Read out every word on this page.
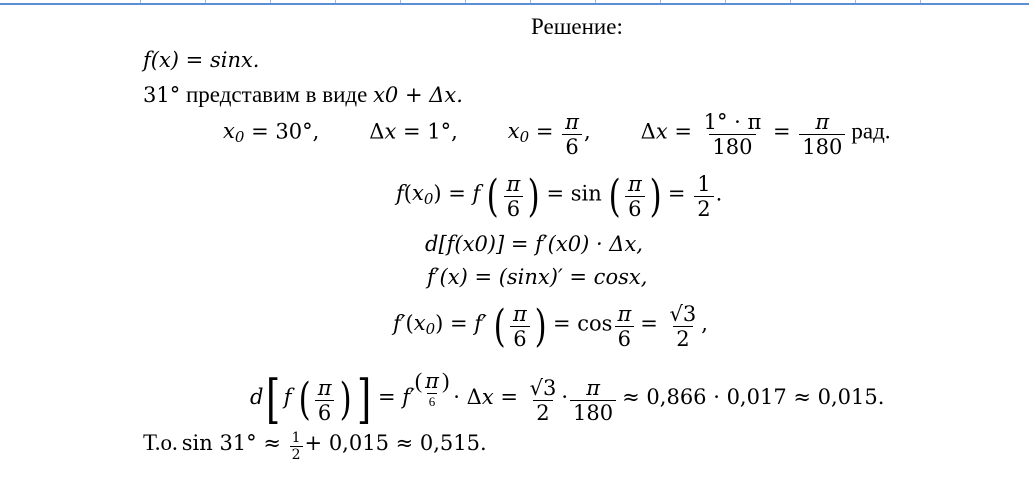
Решение:
f(x) = sinx.
31° представим в виде x0 + Δx.
$x_0 = 30^\circ$, Δx = 1°, $x_0 = \frac{\pi}{6}$ , $\Delta x = \frac{1^\circ \cdot \pi}{180} = \frac{\pi}{180}$ рад.
$f(x_0) = f$ ( $\frac{\pi}{6}$ ) = sin ( $\frac{\pi}{6}$ ) = $\frac{1}{2}$ .
d[f(x0)] = f′(x0) · Δx,
f′(x) = (sinx)′ = cosx,
$f'(x_0) = f'$ ( $\frac{\pi}{6}$ ) = $\cos \frac{\pi}{6} = \frac{√3}{2}$ ,
d[ f ( $\frac{\pi}{6}$ ) ] = $f'( \frac{\pi}{6}$ ) · $\Delta x = \frac{√3}{2} \cdot \frac{\pi}{180} \approx 0,866 \cdot 0,017 \approx 0,015$.
Т.о. $\sin 31^\circ \approx \frac{1}{2} + 0,015 \approx 0,515$.
